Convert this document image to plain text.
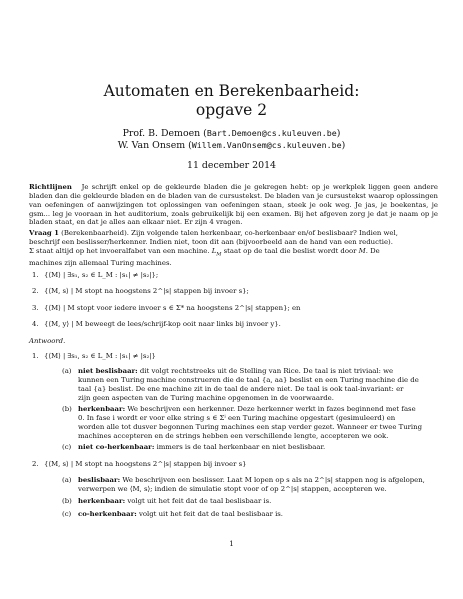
Automaten en Berekenbaarheid:
opgave 2
Prof. B. Demoen (Bart.Demoen@cs.kuleuven.be)
W. Van Onsem (Willem.VanOnsem@cs.kuleuven.be)
11 december 2014
Richtlijnen Je schrijft enkel op de gekleurde bladen die je gekregen hebt: op je werkplek liggen geen andere bladen dan die gekleurde bladen en de bladen van de cursustekst. De bladen van je cursustekst waarop oplossingen van oefeningen of aanwijzingen tot oplossingen van oefeningen staan, steek je ook weg. Je jas, je boekentas, je gsm... leg je vooraan in het auditorium, zoals gebruikelijk bij een examen. Bij het afgeven zorg je dat je naam op je bladen staat, en dat je alles aan elkaar niet. Er zijn 4 vragen.
Vraag 1 (Berekenbaarheid). Zijn volgende talen herkenbaar, co-herkenbaar en/of beslisbaar? Indien wel,
beschrijf een beslisser/herkenner. Indien niet, toon dit aan (bijvoorbeeld aan de hand van een reductie).
Σ staat altijd op het invoeralfabet van een machine. $L_M$ staat op de taal die beslist wordt door M. De
machines zijn allemaal Turing machines.
1. {⟨M⟩ | ∃s₁, s₂ ∈ L_M : |s₁| ≠ |s₂|};
2. {⟨M, s⟩ | M stopt na hoogstens 2^|s| stappen bij invoer s};
3. {⟨M⟩ | M stopt voor iedere invoer s ∈ Σ* na hoogstens 2^|s| stappen}; en
4. {⟨M, y⟩ | M beweegt de lees/schrijf-kop ooit naar links bij invoer y}.
Antwoord.
1. {⟨M⟩ | ∃s₁, s₂ ∈ L_M : |s₁| ≠ |s₂|}
(a) niet beslisbaar: dit volgt rechtstreeks uit de Stelling van Rice. De taal is niet triviaal: we
kunnen een Turing machine construeren die de taal {a, aa} beslist en een Turing machine die de
taal {a} beslist. De ene machine zit in de taal de andere niet. De taal is ook taal-invariant: er
zijn geen aspecten van de Turing machine opgenomen in de voorwaarde.
(b) herkenbaar: We beschrijven een herkenner. Deze herkenner werkt in fazes beginnend met fase
0. In fase i wordt er voor elke string s ∈ Σⁱ een Turing machine opgestart (gesimuleerd) en
worden alle tot dusver begonnen Turing machines een stap verder gezet. Wanneer er twee Turing
machines accepteren en de strings hebben een verschillende lengte, accepteren we ook.
(c) niet co-herkenbaar: immers is de taal herkenbaar en niet beslisbaar.
2. {⟨M, s⟩ | M stopt na hoogstens 2^|s| stappen bij invoer s}
(a) beslisbaar: We beschrijven een beslisser. Laat M lopen op s als na 2^|s| stappen nog is afgelopen,
verwerpen we ⟨M, s⟩; indien de simulatie stopt voor of op 2^|s| stappen, accepteren we.
(b) herkenbaar: volgt uit het feit dat de taal beslisbaar is.
(c) co-herkenbaar: volgt uit het feit dat de taal beslisbaar is.
1
